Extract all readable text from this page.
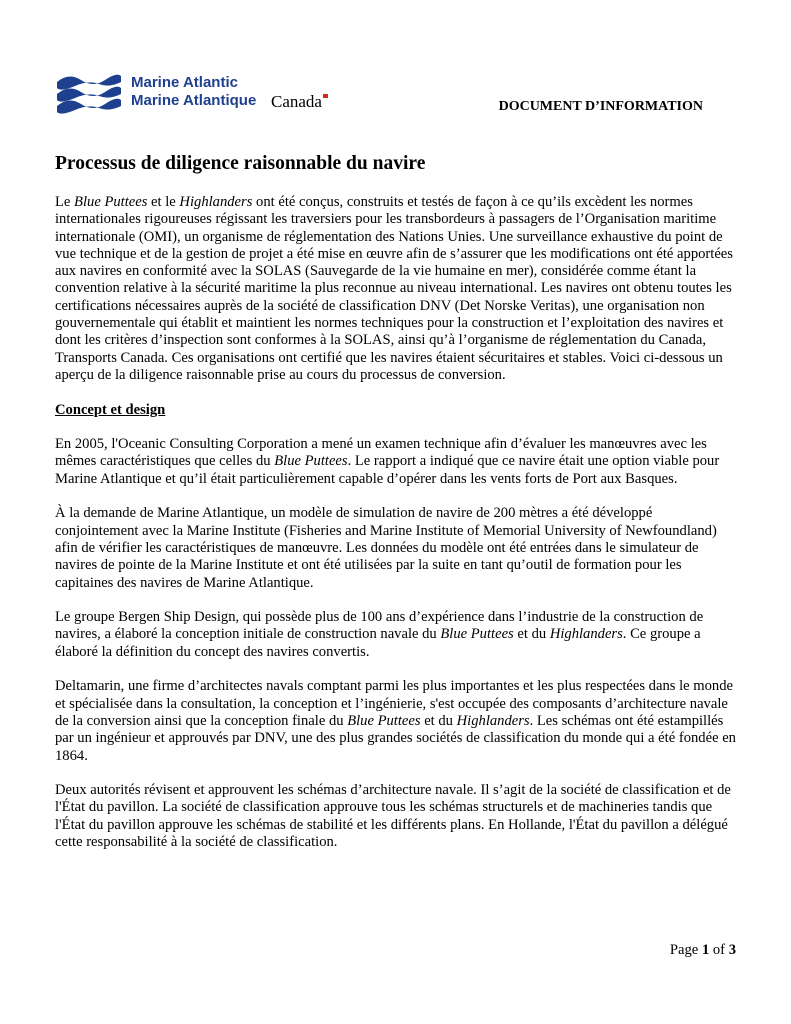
Marine Atlantic
Marine Atlantique Canada	DOCUMENT D’INFORMATION
Processus de diligence raisonnable du navire

Le Blue Puttees et le Highlanders ont été conçus, construits et testés de façon à ce qu’ils excèdent les normes internationales rigoureuses régissant les traversiers pour les transbordeurs à passagers de l’Organisation maritime internationale (OMI), un organisme de réglementation des Nations Unies. Une surveillance exhaustive du point de vue technique et de la gestion de projet a été mise en œuvre afin de s’assurer que les modifications ont été apportées aux navires en conformité avec la SOLAS (Sauvegarde de la vie humaine en mer), considérée comme étant la convention relative à la sécurité maritime la plus reconnue au niveau international. Les navires ont obtenu toutes les certifications nécessaires auprès de la société de classification DNV (Det Norske Veritas), une organisation non gouvernementale qui établit et maintient les normes techniques pour la construction et l’exploitation des navires et dont les critères d’inspection sont conformes à la SOLAS, ainsi qu’à l’organisme de réglementation du Canada, Transports Canada. Ces organisations ont certifié que les navires étaient sécuritaires et stables. Voici ci-dessous un aperçu de la diligence raisonnable prise au cours du processus de conversion.

Concept et design

En 2005, l'Oceanic Consulting Corporation a mené un examen technique afin d’évaluer les manœuvres avec les mêmes caractéristiques que celles du Blue Puttees. Le rapport a indiqué que ce navire était une option viable pour Marine Atlantique et qu’il était particulièrement capable d’opérer dans les vents forts de Port aux Basques.

À la demande de Marine Atlantique, un modèle de simulation de navire de 200 mètres a été développé conjointement avec la Marine Institute (Fisheries and Marine Institute of Memorial University of Newfoundland) afin de vérifier les caractéristiques de manœuvre. Les données du modèle ont été entrées dans le simulateur de navires de pointe de la Marine Institute et ont été utilisées par la suite en tant qu’outil de formation pour les capitaines des navires de Marine Atlantique.

Le groupe Bergen Ship Design, qui possède plus de 100 ans d’expérience dans l’industrie de la construction de navires, a élaboré la conception initiale de construction navale du Blue Puttees et du Highlanders. Ce groupe a élaboré la définition du concept des navires convertis.

Deltamarin, une firme d’architectes navals comptant parmi les plus importantes et les plus respectées dans le monde et spécialisée dans la consultation, la conception et l’ingénierie, s'est occupée des composants d’architecture navale de la conversion ainsi que la conception finale du Blue Puttees et du Highlanders. Les schémas ont été estampillés par un ingénieur et approuvés par DNV, une des plus grandes sociétés de classification du monde qui a été fondée en 1864.

Deux autorités révisent et approuvent les schémas d’architecture navale. Il s’agit de la société de classification et de l'État du pavillon. La société de classification approuve tous les schémas structurels et de machineries tandis que l'État du pavillon approuve les schémas de stabilité et les différents plans. En Hollande, l'État du pavillon a délégué cette responsabilité à la société de classification.

Page 1 of 3
